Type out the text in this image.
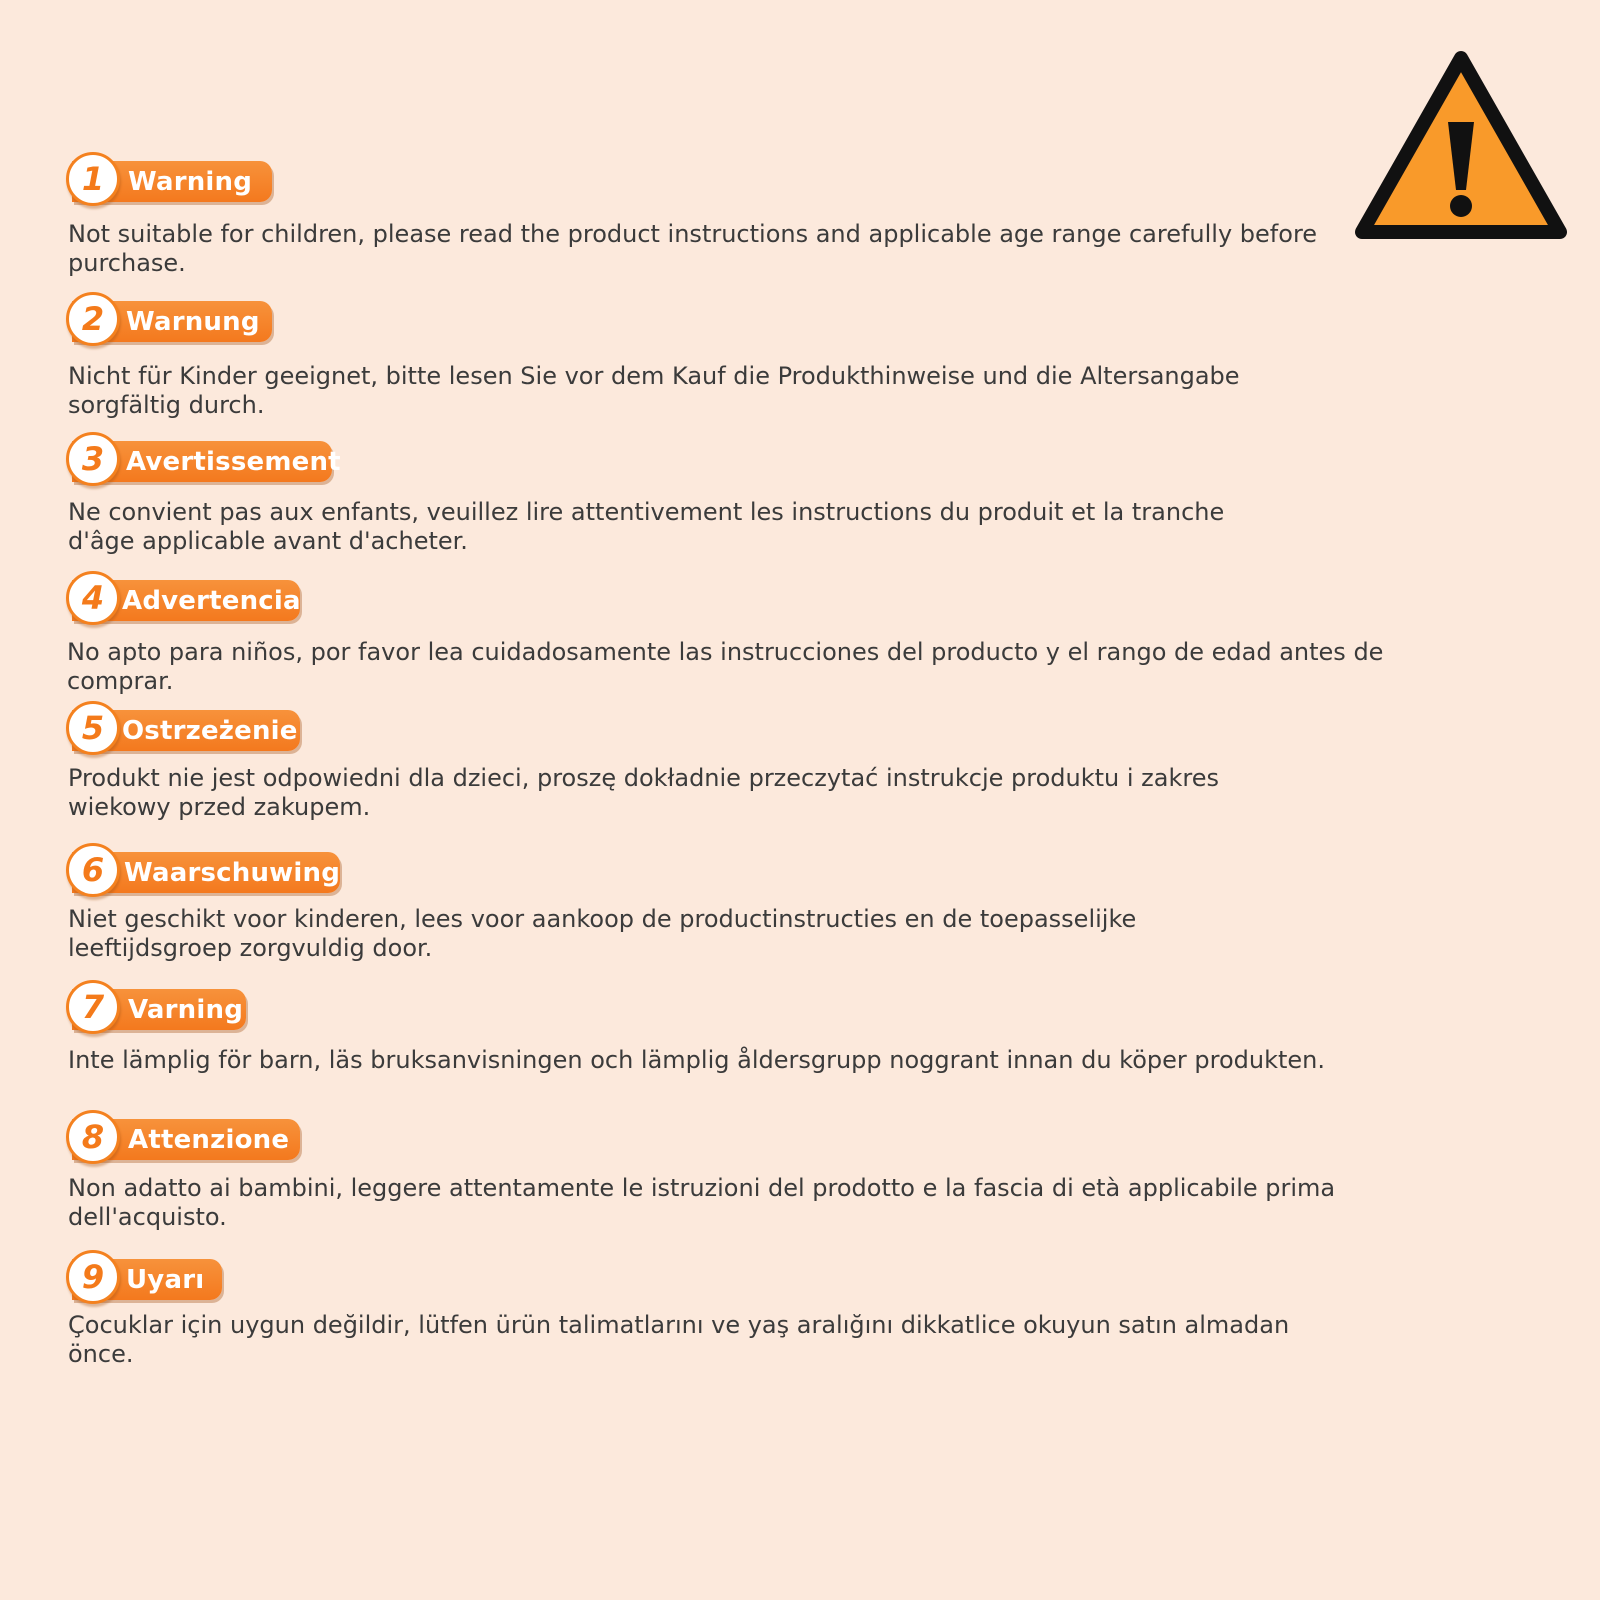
Warning
1

Not suitable for children, please read the product instructions and applicable age range carefully before purchase.

Warnung
2

Nicht für Kinder geeignet, bitte lesen Sie vor dem Kauf die Produkthinweise und die Altersangabe sorgfältig durch.

Avertissement
3

Ne convient pas aux enfants, veuillez lire attentivement les instructions du produit et la tranche d'âge applicable avant d'acheter.

Advertencia
4

No apto para niños, por favor lea cuidadosamente las instrucciones del producto y el rango de edad antes de comprar.

Ostrzeżenie
5

Produkt nie jest odpowiedni dla dzieci, proszę dokładnie przeczytać instrukcje produktu i zakres wiekowy przed zakupem.

Waarschuwing
6

Niet geschikt voor kinderen, lees voor aankoop de productinstructies en de toepasselijke leeftijdsgroep zorgvuldig door.

Varning
7

Inte lämplig för barn, läs bruksanvisningen och lämplig åldersgrupp noggrant innan du köper produkten.

Attenzione
8

Non adatto ai bambini, leggere attentamente le istruzioni del prodotto e la fascia di età applicabile prima dell'acquisto.

Uyarı
9

Çocuklar için uygun değildir, lütfen ürün talimatlarını ve yaş aralığını dikkatlice okuyun satın almadan önce.
